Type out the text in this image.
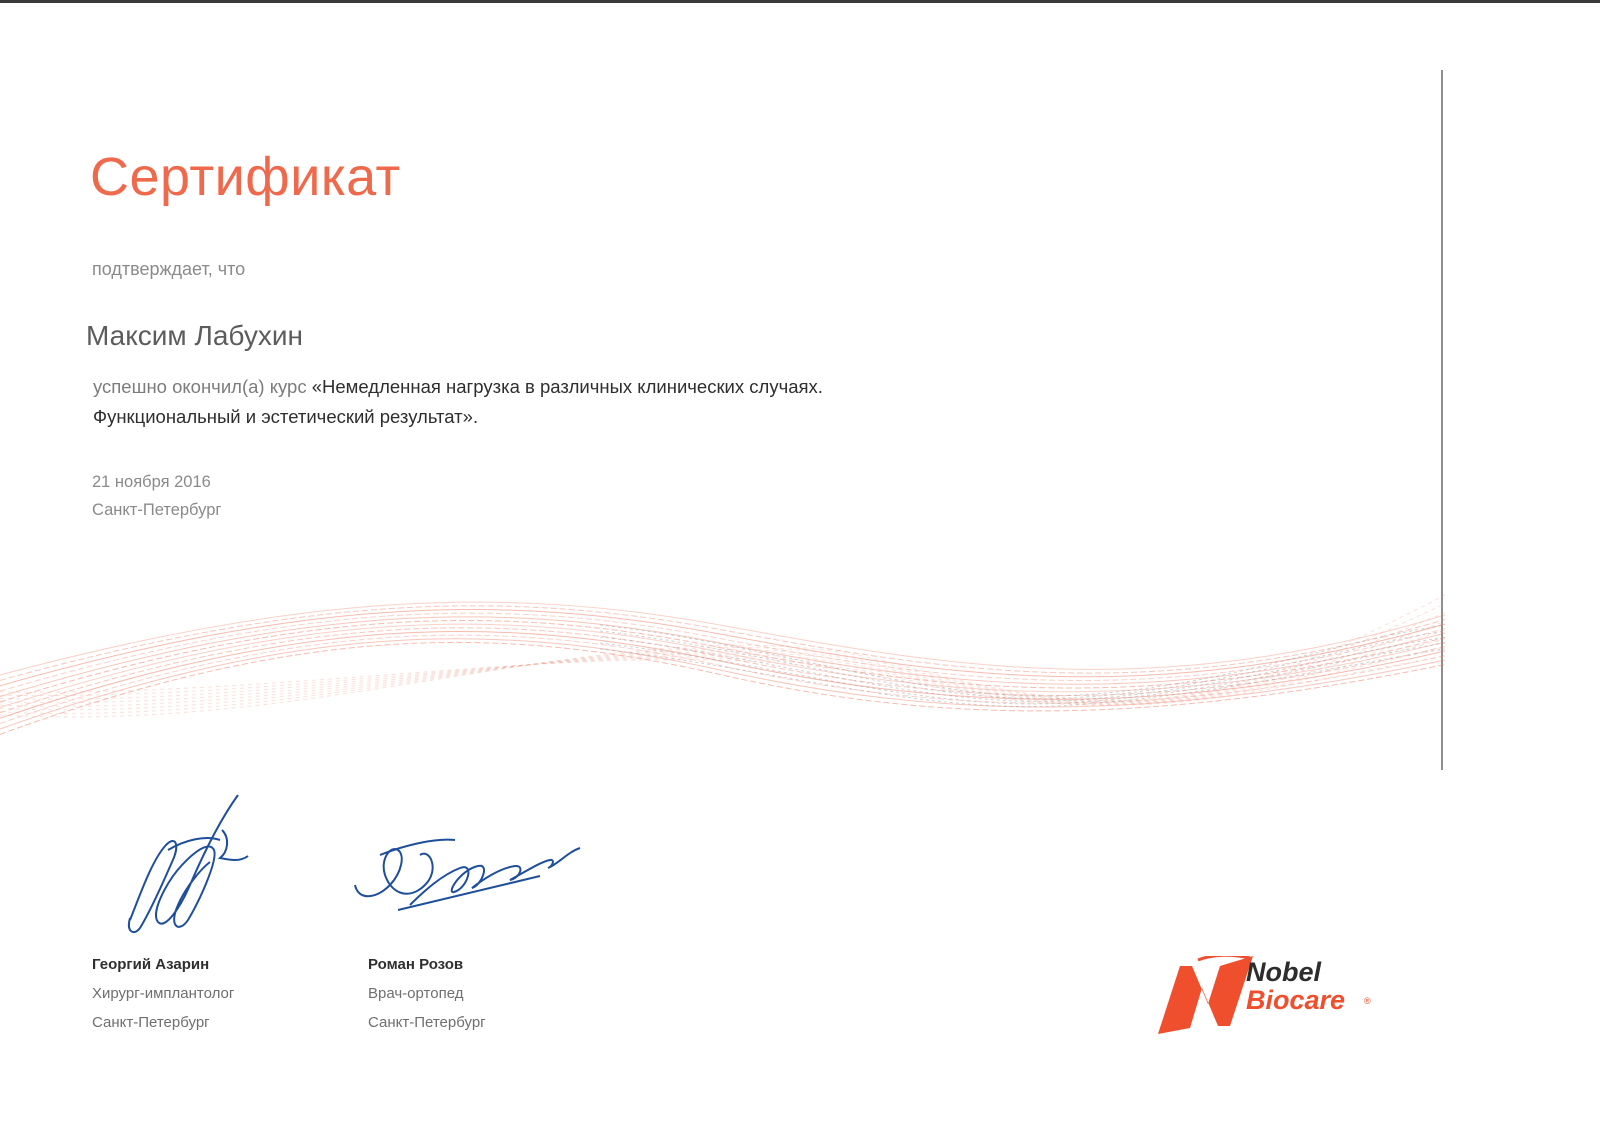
Сертификат
подтверждает, что
Максим Лабухин
успешно окончил(а) курс «Немедленная нагрузка в различных клинических случаях.
Функциональный и эстетический результат».
21 ноября 2016
Санкт-Петербург
Георгий Азарин
Хирург-имплантолог
Санкт-Петербург
Роман Розов
Врач-ортопед
Санкт-Петербург
Nobel
Biocare ®
